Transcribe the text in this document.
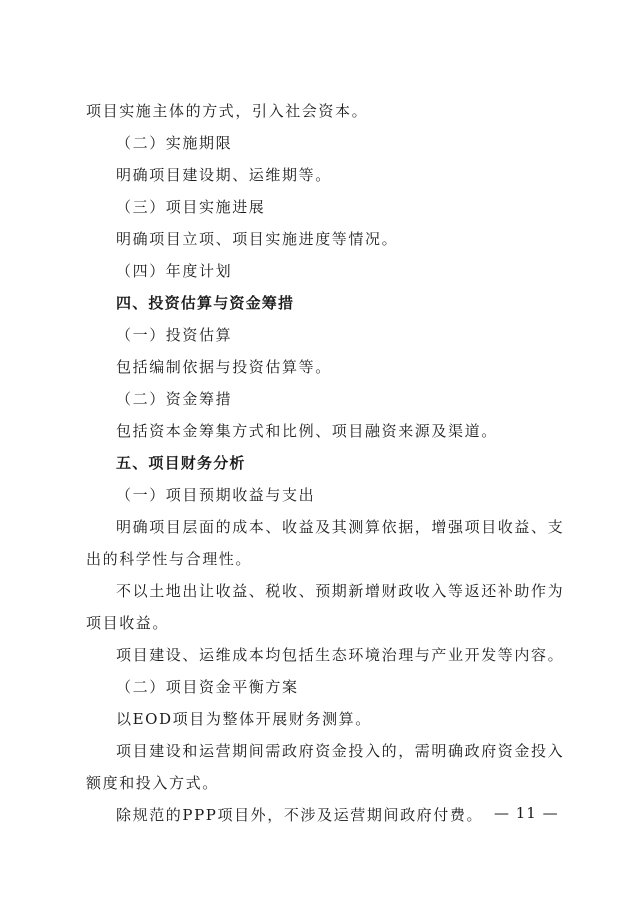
项目实施主体的方式，引入社会资本。
（二）实施期限
明确项目建设期、运维期等。
（三）项目实施进展
明确项目立项、项目实施进度等情况。
（四）年度计划
四、投资估算与资金筹措
（一）投资估算
包括编制依据与投资估算等。
（二）资金筹措
包括资本金筹集方式和比例、项目融资来源及渠道。
五、项目财务分析
（一）项目预期收益与支出
明确项目层面的成本、收益及其测算依据，增强项目收益、支
出的科学性与合理性。
不以土地出让收益、税收、预期新增财政收入等返还补助作为
项目收益。
项目建设、运维成本均包括生态环境治理与产业开发等内容。
（二）项目资金平衡方案
以EOD项目为整体开展财务测算。
项目建设和运营期间需政府资金投入的，需明确政府资金投入
额度和投入方式。
除规范的PPP项目外，不涉及运营期间政府付费。 — 11 —
